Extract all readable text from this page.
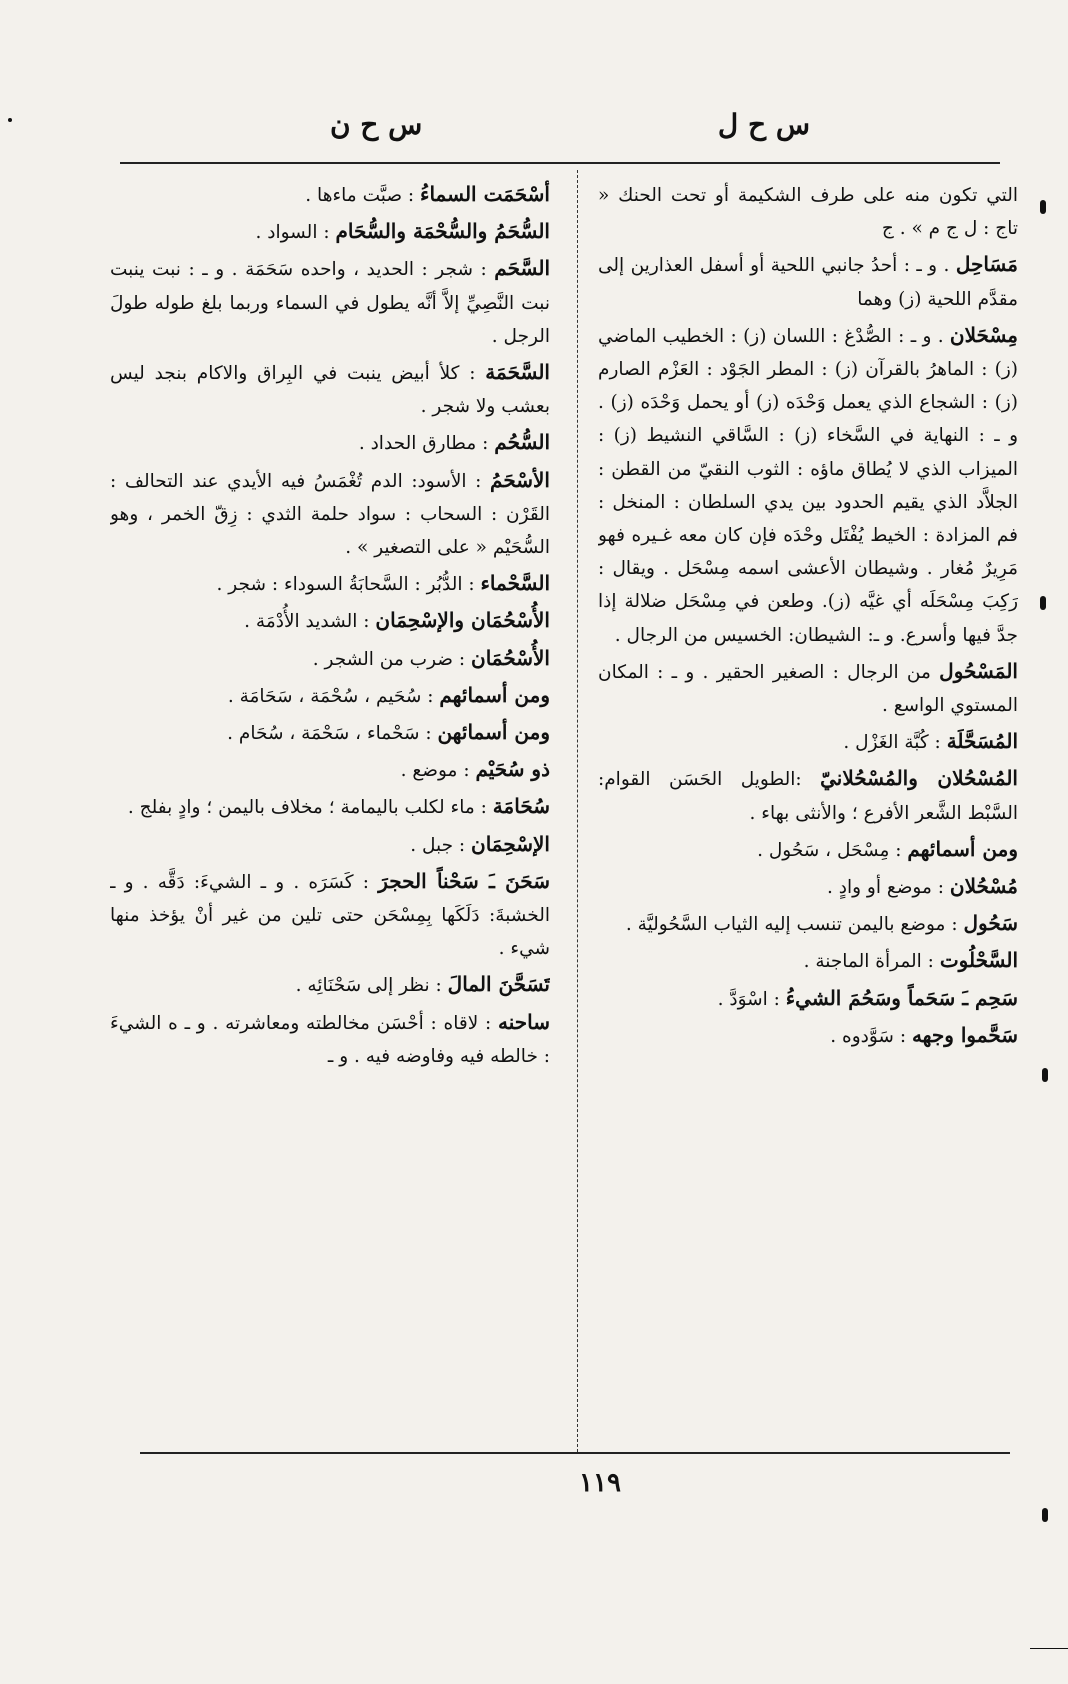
س ح ل
س ح ن
التي تكون منه على طرف الشكيمة أو تحت الحنك « تاج : ل ج م » . ج
مَسَاحِل . و ـ : أحدُ جانبي اللحية أو أسفل العذارين إلى مقدَّم اللحية (ز) وهما
مِسْحَلان . و ـ : الصُّدْغ : اللسان (ز) : الخطيب الماضي (ز) : الماهرُ بالقرآن (ز) : المطر الجَوْد : العَزْم الصارم (ز) : الشجاع الذي يعمل وَحْدَه (ز) أو يحمل وَحْدَه (ز) . و ـ : النهاية في السَّخاء (ز) : السَّاقي النشيط (ز) : الميزاب الذي لا يُطاق ماؤه : الثوب النقيّ من القطن : الجلاَّد الذي يقيم الحدود بين يدي السلطان : المنخل : فم المزادة : الخيط يُفْتَل وحْدَه فإن كان معه غـيره فهو مَرِيرٌ مُغار . وشيطان الأعشى اسمه مِسْحَل . ويقال : رَكِبَ مِسْحَلَه أي غيَّه (ز). وطعن في مِسْحَل ضلالة إذا جدَّ فيها وأسرع. و ـ: الشيطان: الخسيس من الرجال .
المَسْحُول من الرجال : الصغير الحقير . و ـ : المكان المستوي الواسع .
المُسَحَّلَة : كُبَّة الغَزْل .
المُسْحُلان والمُسْحُلانيّ :الطويل الحَسَن القوام: السَّبْط الشَّعر الأفرع ؛ والأنثى بهاء .
ومن أسمائهم : مِسْحَل ، سَحُول .
مُسْحُلان : موضع أو وادٍ .
سَحُول : موضع باليمن تنسب إليه الثياب السَّحُوليَّة .
السَّحْلُوت : المرأة الماجنة .
سَحِم ـَ سَحَماً وسَحُمَ الشيءُ : اسْوَدَّ .
سَحَّموا وجهه : سَوَّدوه .
أسْحَمَت السماءُ : صبَّت ماءها .
السُّحَمُ والسُّحْمَة والسُّحَام : السواد .
السَّحَم : شجر : الحديد ، واحده سَحَمَة . و ـ : نبت ينبت نبت النَّصِيِّ إلاَّ أنَّه يطول في السماء وربما بلغ طوله طولَ الرجل .
السَّحَمَة : كلأ أبيض ينبت في البِراق والاكام بنجد ليس بعشب ولا شجر .
السُّحُم : مطارق الحداد .
الأسْحَمُ : الأسود: الدم تُغْمَسُ فيه الأيدي عند التحالف : القَرْن : السحاب : سواد حلمة الثدي : زِقّ الخمر ، وهو السُّحَيْم « على التصغير » .
السَّحْماء : الدُّبُر : السَّحابَةُ السوداء : شجر .
الأُسْحُمَان والإسْحِمَان : الشديد الأُدْمَة .
الأُسْحُمَان : ضرب من الشجر .
ومن أسمائهم : سُحَيم ، سُحْمَة ، سَحَامَة .
ومن أسمائهن : سَحْماء ، سَحْمَة ، سُحَام .
ذو سُحَيْم : موضع .
سُحَامَة : ماء لكلب باليمامة ؛ مخلاف باليمن ؛ وادٍ بفلج .
الإسْحِمَان : جبل .
سَحَنَ ـَ سَحْناً الحجرَ : كَسَرَه . و ـ الشيءَ: دَقَّه . و ـ الخشبةَ: دَلَكَها بِمِسْحَن حتى تلين من غير أنْ يؤخذ منها شيء .
تَسَحَّنَ المالَ : نظر إلى سَحْنَائِه .
ساحنه : لاقاه : أحْسَن مخالطته ومعاشرته . و ـ ه الشيءَ : خالطه فيه وفاوضه فيه . و ـ
١١٩
